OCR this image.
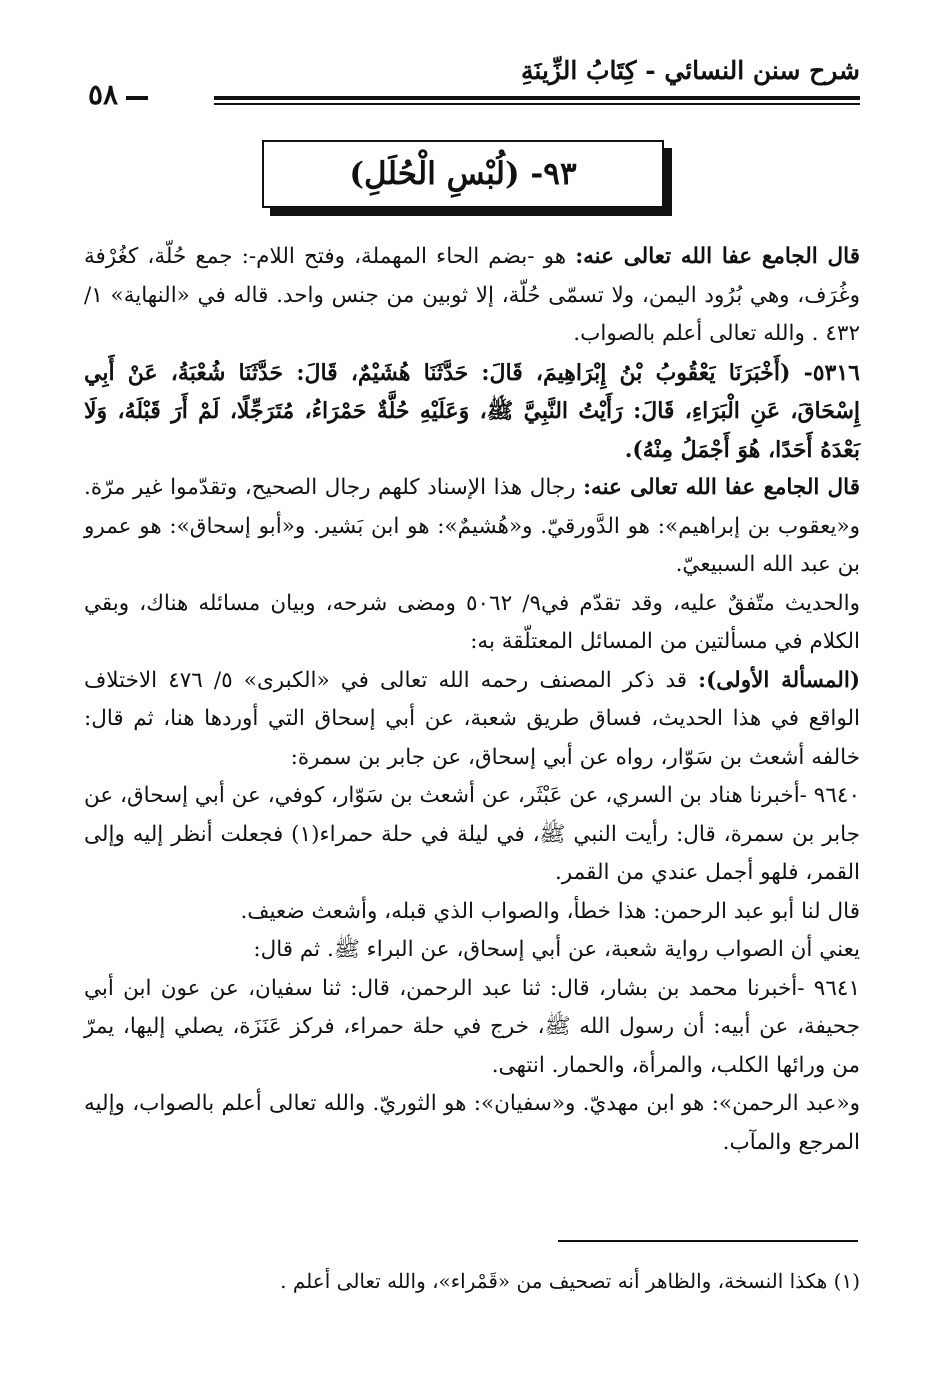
شرح سنن النسائي - كِتَابُ الزِّينَةِ
٥٨
٩٣- (لُبْسِ الْحُلَلِ)

قال الجامع عفا الله تعالى عنه: هو -بضم الحاء المهملة، وفتح اللام-: جمع حُلّة، كغُرْفة وغُرَف، وهي بُرُود اليمن، ولا تسمّى حُلّة، إلا ثوبين من جنس واحد. قاله في «النهاية» ١/ ٤٣٢ . والله تعالى أعلم بالصواب.

٥٣١٦- (أَخْبَرَنَا يَعْقُوبُ بْنُ إِبْرَاهِيمَ، قَالَ: حَدَّثَنَا هُشَيْمٌ، قَالَ: حَدَّثَنَا شُعْبَةُ، عَنْ أَبِي إِسْحَاقَ، عَنِ الْبَرَاءِ، قَالَ: رَأَيْتُ النَّبِيَّ ﷺ، وَعَلَيْهِ حُلَّةٌ حَمْرَاءُ، مُتَرَجِّلًا، لَمْ أَرَ قَبْلَهُ، وَلَا بَعْدَهُ أَحَدًا، هُوَ أَجْمَلُ مِنْهُ).

قال الجامع عفا الله تعالى عنه: رجال هذا الإسناد كلهم رجال الصحيح، وتقدّموا غير مرّة. و«يعقوب بن إبراهيم»: هو الدَّورقيّ. و«هُشيمٌ»: هو ابن بَشير. و«أبو إسحاق»: هو عمرو بن عبد الله السبيعيّ.

والحديث متّفقٌ عليه، وقد تقدّم في٩/ ٥٠٦٢ ومضى شرحه، وبيان مسائله هناك، وبقي الكلام في مسألتين من المسائل المعتلّقة به:

(المسألة الأولى): قد ذكر المصنف رحمه الله تعالى في «الكبرى» ٥/ ٤٧٦ الاختلاف الواقع في هذا الحديث، فساق طريق شعبة، عن أبي إسحاق التي أوردها هنا، ثم قال: خالفه أشعث بن سَوّار، رواه عن أبي إسحاق، عن جابر بن سمرة:

٩٦٤٠ -أخبرنا هناد بن السري، عن عَبْثَر، عن أشعث بن سَوّار، كوفي، عن أبي إسحاق، عن جابر بن سمرة، قال: رأيت النبي ﷺ، في ليلة في حلة حمراء(١) فجعلت أنظر إليه وإلى القمر، فلهو أجمل عندي من القمر.

قال لنا أبو عبد الرحمن: هذا خطأ، والصواب الذي قبله، وأشعث ضعيف.

يعني أن الصواب رواية شعبة، عن أبي إسحاق، عن البراء ﷺ. ثم قال:

٩٦٤١ -أخبرنا محمد بن بشار، قال: ثنا عبد الرحمن، قال: ثنا سفيان، عن عون ابن أبي جحيفة، عن أبيه: أن رسول الله ﷺ، خرج في حلة حمراء، فركز عَنَزَة، يصلي إليها، يمرّ من ورائها الكلب، والمرأة، والحمار. انتهى.

و«عبد الرحمن»: هو ابن مهديّ. و«سفيان»: هو الثوريّ. والله تعالى أعلم بالصواب، وإليه المرجع والمآب.

(١) هكذا النسخة، والظاهر أنه تصحيف من «قَمْراء»، والله تعالى أعلم .
